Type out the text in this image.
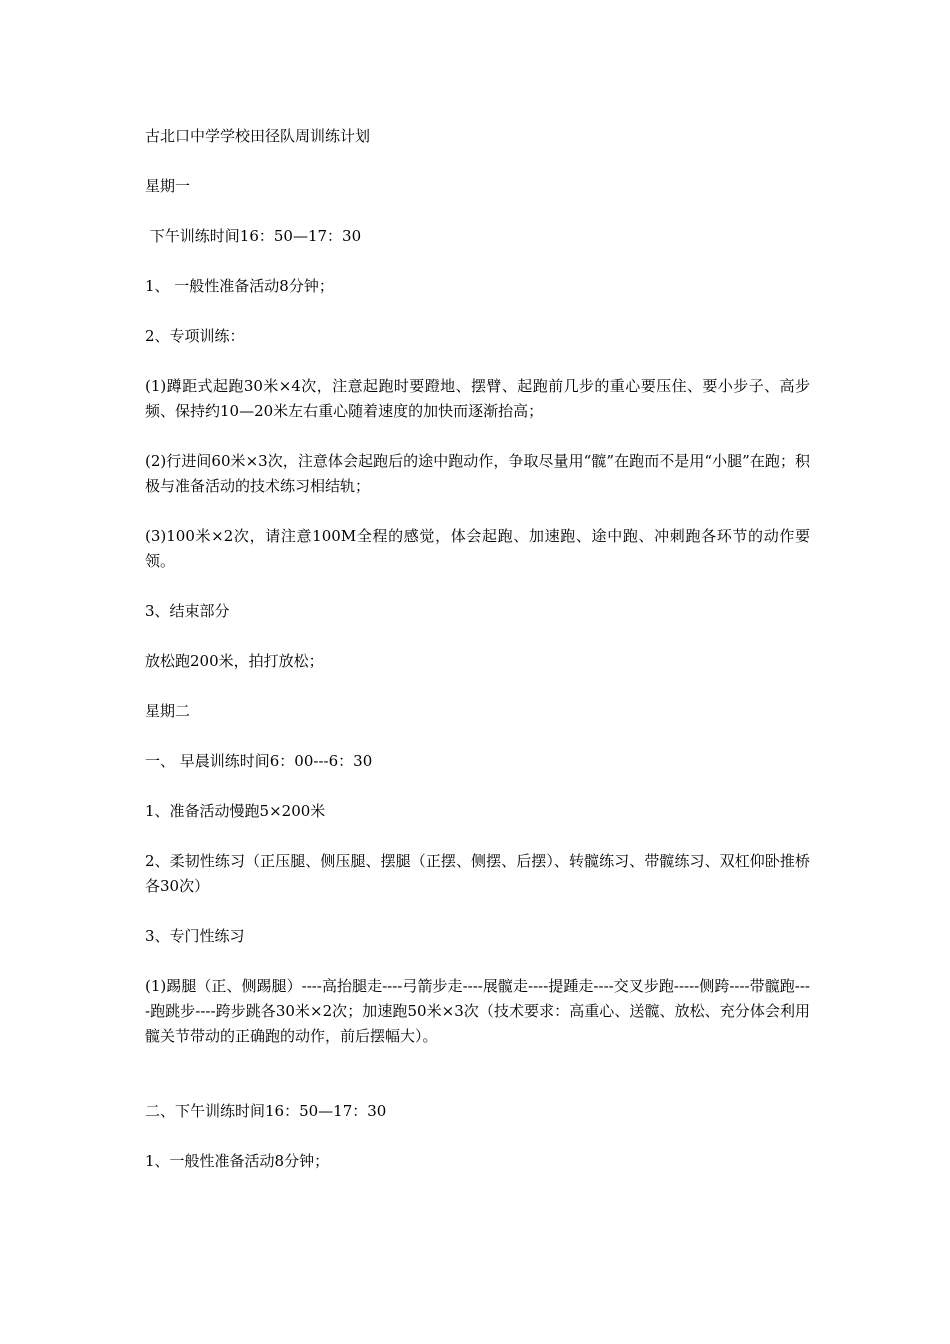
古北口中学学校田径队周训练计划
星期一
下午训练时间16：50—17：30
1、 一般性准备活动8分钟；
2、专项训练：
(1)蹲距式起跑30米×4次，注意起跑时要蹬地、摆臂、起跑前几步的重心要压住、要小步子、高步频、保持约10—20米左右重心随着速度的加快而逐渐抬高；
(2)行进间60米×3次，注意体会起跑后的途中跑动作，争取尽量用“髋”在跑而不是用“小腿”在跑；积极与准备活动的技术练习相结轨；
(3)100米×2次，请注意100M全程的感觉，体会起跑、加速跑、途中跑、冲刺跑各环节的动作要领。
3、结束部分
放松跑200米，拍打放松；
星期二
一、 早晨训练时间6：00---6：30
1、准备活动慢跑5×200米
2、柔韧性练习（正压腿、侧压腿、摆腿（正摆、侧摆、后摆）、转髋练习、带髋练习、双杠仰卧推桥各30次）
3、专门性练习
(1)踢腿（正、侧踢腿）----高抬腿走----弓箭步走----展髋走----提踵走----交叉步跑-----侧跨----带髋跑----跑跳步----跨步跳各30米×2次；加速跑50米×3次（技术要求：高重心、送髋、放松、充分体会利用髋关节带动的正确跑的动作，前后摆幅大）。
二、下午训练时间16：50—17：30
1、一般性准备活动8分钟；
